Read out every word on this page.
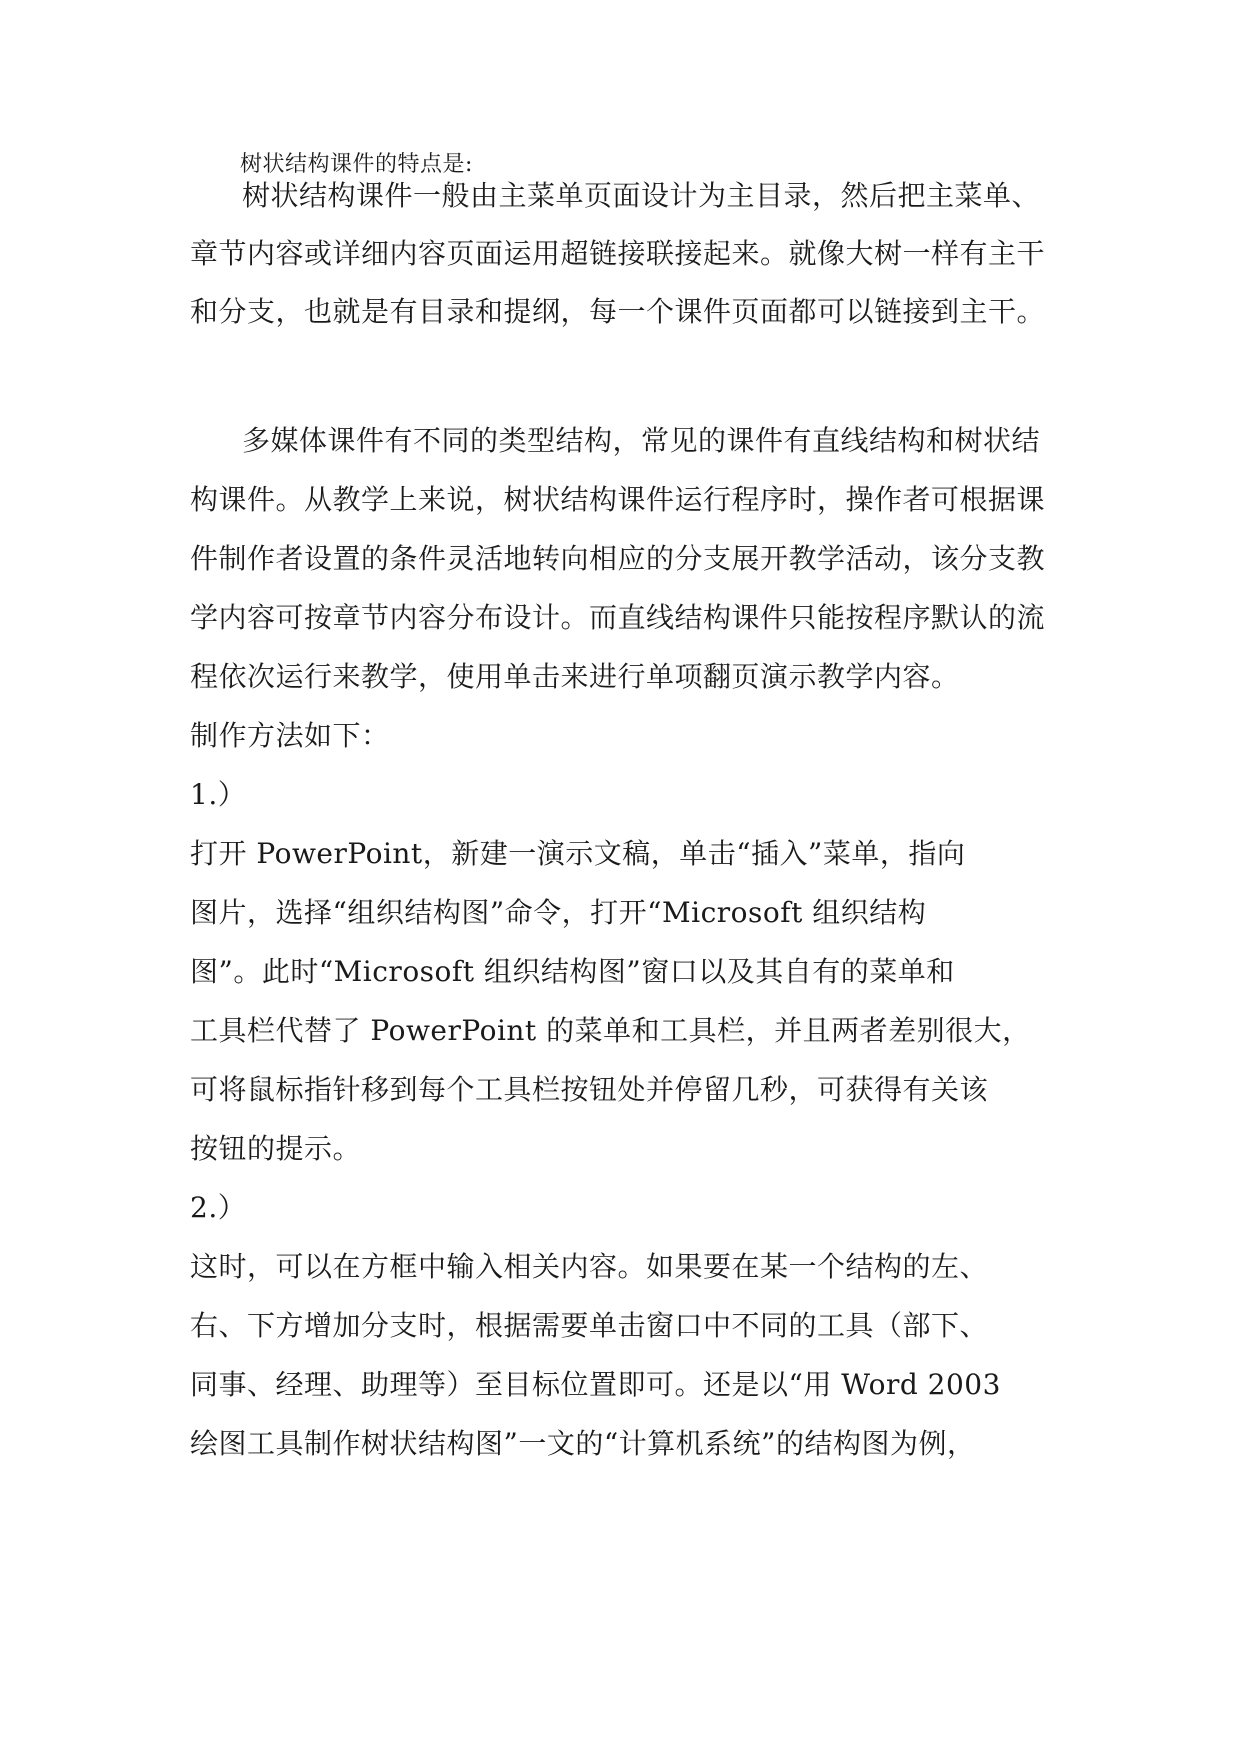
树状结构课件的特点是:
树状结构课件一般由主菜单页面设计为主目录，然后把主菜单、
章节内容或详细内容页面运用超链接联接起来。就像大树一样有主干
和分支，也就是有目录和提纲，每一个课件页面都可以链接到主干。
多媒体课件有不同的类型结构，常见的课件有直线结构和树状结
构课件。从教学上来说，树状结构课件运行程序时，操作者可根据课
件制作者设置的条件灵活地转向相应的分支展开教学活动，该分支教
学内容可按章节内容分布设计。而直线结构课件只能按程序默认的流
程依次运行来教学，使用单击来进行单项翻页演示教学内容。
制作方法如下：
1.）
打开 PowerPoint，新建一演示文稿，单击“插入”菜单，指向
图片，选择“组织结构图”命令，打开“Microsoft 组织结构
图”。此时“Microsoft 组织结构图”窗口以及其自有的菜单和
工具栏代替了 PowerPoint 的菜单和工具栏，并且两者差别很大，
可将鼠标指针移到每个工具栏按钮处并停留几秒，可获得有关该
按钮的提示。
2.）
这时，可以在方框中输入相关内容。如果要在某一个结构的左、
右、下方增加分支时，根据需要单击窗口中不同的工具（部下、
同事、经理、助理等）至目标位置即可。还是以“用 Word 2003
绘图工具制作树状结构图”一文的“计算机系统”的结构图为例，
